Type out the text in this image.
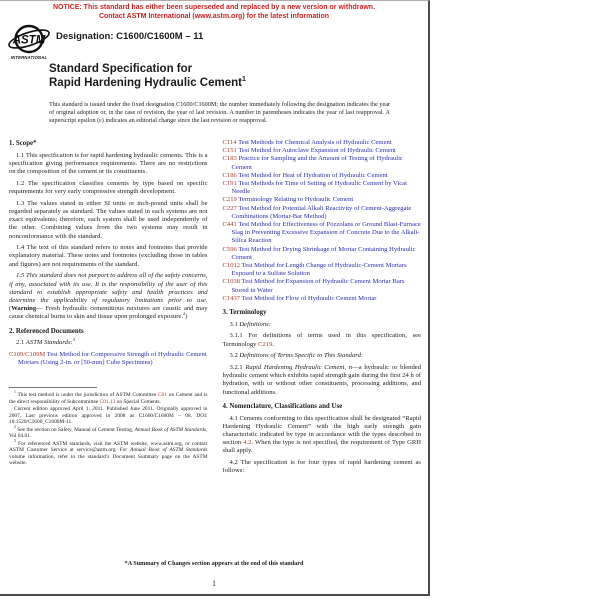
NOTICE: This standard has either been superseded and replaced by a new version or withdrawn.
Contact ASTM International (www.astm.org) for the latest information
ASTM
INTERNATIONAL
Designation: C1600/C1600M – 11
Standard Specification for
Rapid Hardening Hydraulic Cement$^1$
This standard is issued under the fixed designation C1600/C1600M; the number immediately following the designation indicates the year of original adoption or, in the case of revision, the year of last revision. A number in parentheses indicates the year of last reapproval. A superscript epsilon (ε) indicates an editorial change since the last revision or reapproval.
1. Scope*

1.1 This specification is for rapid hardening hydraulic cements. This is a specification giving performance requirements. There are no restrictions on the composition of the cement or its constituents.

1.2 The specification classifies cements by type based on specific requirements for very early compressive strength development.

1.3 The values stated in either SI units or inch-pound units shall be regarded separately as standard. The values stated in each systems are not exact equivalents; therefore, each system shall be used independently of the other. Combining values from the two systems may result in nonconformance with the standard.

1.4 The text of this standard refers to notes and footnotes that provide explanatory material. These notes and footnotes (excluding those in tables and figures) are not requirements of the standard.

1.5 This standard does not purport to address all of the safety concerns, if any, associated with its use. It is the responsibility of the user of this standard to establish appropriate safety and health practices and determine the applicability of regulatory limitations prior to use. (Warning— Fresh hydraulic cementitious mixtures are caustic and may cause chemical burns to skin and tissue upon prolonged exposure.$^2$)

2. Referenced Documents

2.1 ASTM Standards:$^3$

C109/C109M Test Method for Compressive Strength of Hydraulic Cement Mortars (Using 2-in. or [50-mm] Cube Specimens)

$^1$ This test method is under the jurisdiction of ASTM Committee C01 on Cement and is the direct responsibility of Subcommittee C01.13 on Special Cements.

Current edition approved April 1, 2011. Published June 2011. Originally approved in 2007. Last previous edition approved in 2008 as C1600/C1600M – 08. DOI: 10.1520/C1600_C1600M-11.

$^2$ See the section on Safety, Manual of Cement Testing, Annual Book of ASTM Standards, Vol 04.01.

$^3$ For referenced ASTM standards, visit the ASTM website, www.astm.org, or contact ASTM Customer Service at service@astm.org. For Annual Book of ASTM Standards volume information, refer to the standard’s Document Summary page on the ASTM website.

C114 Test Methods for Chemical Analysis of Hydraulic Cement

C151 Test Method for Autoclave Expansion of Hydraulic Cement

C183 Practice for Sampling and the Amount of Testing of Hydraulic Cement

C186 Test Method for Heat of Hydration of Hydraulic Cement

C191 Test Methods for Time of Setting of Hydraulic Cement by Vicat Needle

C219 Terminology Relating to Hydraulic Cement

C227 Test Method for Potential Alkali Reactivity of Cement-Aggregate Combinations (Mortar-Bar Method)

C441 Test Method for Effectiveness of Pozzolans or Ground Blast-Furnace Slag in Preventing Excessive Expansion of Concrete Due to the Alkali-Silica Reaction

C596 Test Method for Drying Shrinkage of Mortar Containing Hydraulic Cement

C1012 Test Method for Length Change of Hydraulic-Cement Mortars Exposed to a Sulfate Solution

C1038 Test Method for Expansion of Hydraulic Cement Mortar Bars Stored in Water

C1437 Test Method for Flow of Hydraulic Cement Mortar

3. Terminology

3.1 Definitions:

3.1.1 For definitions of terms used in this specification, see Terminology C219.

3.2 Definitions of Terms Specific to This Standard:

3.2.1 Rapid Hardening Hydraulic Cement, n—a hydraulic or blended hydraulic cement which exhibits rapid strength gain during the first 24 h of hydration, with or without other constituents, processing additions, and functional additions.

4. Nomenclature, Classifications and Use

4.1 Cements conforming to this specification shall be designated “Rapid Hardening Hydraulic Cement” with the high early strength gain characteristic indicated by type in accordance with the types described in section 4.2. When the type is not specified, the requirement of Type GRH shall apply.

4.2 The specification is for four types of rapid hardening cement as follows:

*A Summary of Changes section appears at the end of this standard
1
